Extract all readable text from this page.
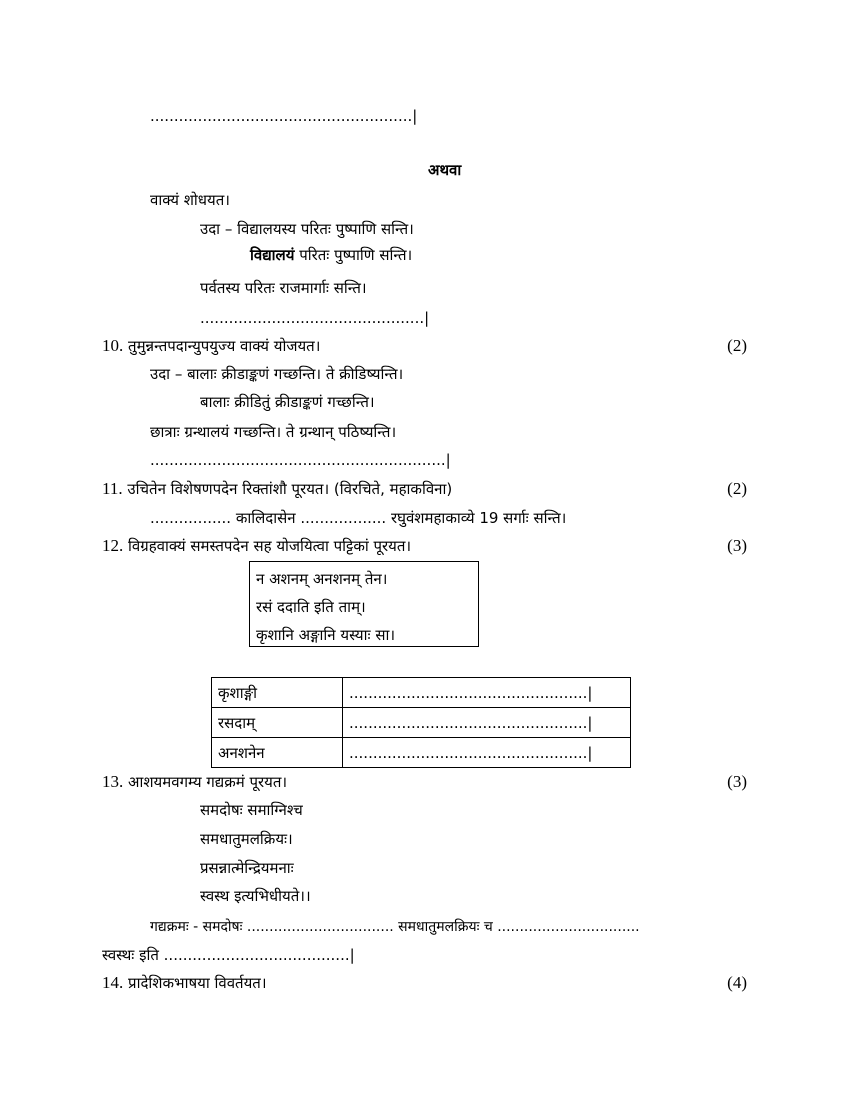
.......................................................|
अथवा
वाक्यं शोधयत।
उदा – विद्यालयस्य परितः पुष्पाणि सन्ति।
विद्यालयं परितः पुष्पाणि सन्ति।
पर्वतस्य परितः राजमार्गाः सन्ति।
...............................................|
10. तुमुन्नन्तपदान्युपयुज्य वाक्यं योजयत।	(2)
उदा – बालाः क्रीडाङ्कणं गच्छन्ति। ते क्रीडिष्यन्ति।
बालाः क्रीडितुं क्रीडाङ्कणं गच्छन्ति।
छात्राः ग्रन्थालयं गच्छन्ति। ते ग्रन्थान् पठिष्यन्ति।
..............................................................|
11. उचितेन विशेषणपदेन रिक्तांशौ पूरयत। (विरचिते, महाकविना)	(2)
................. कालिदासेन .................. रघुवंशमहाकाव्ये 19 सर्गाः सन्ति।
12. विग्रहवाक्यं समस्तपदेन सह योजयित्वा पट्टिकां पूरयत।	(3)
न अशनम् अनशनम् तेन।
रसं ददाति इति ताम्।
कृशानि अङ्गानि यस्याः सा।
कृशाङ्गी	..................................................|
रसदाम्	..................................................|
अनशनेन	..................................................|
13. आशयमवगम्य गद्यक्रमं पूरयत।	(3)
समदोषः समाग्निश्च
समधातुमलक्रियः।
प्रसन्नात्मेन्द्रियमनाः
स्वस्थ इत्यभिधीयते।।
गद्यक्रमः - समदोषः ................................. समधातुमलक्रियः च ................................
स्वस्थः इति .......................................|
14. प्रादेशिकभाषया विवर्तयत।	(4)
